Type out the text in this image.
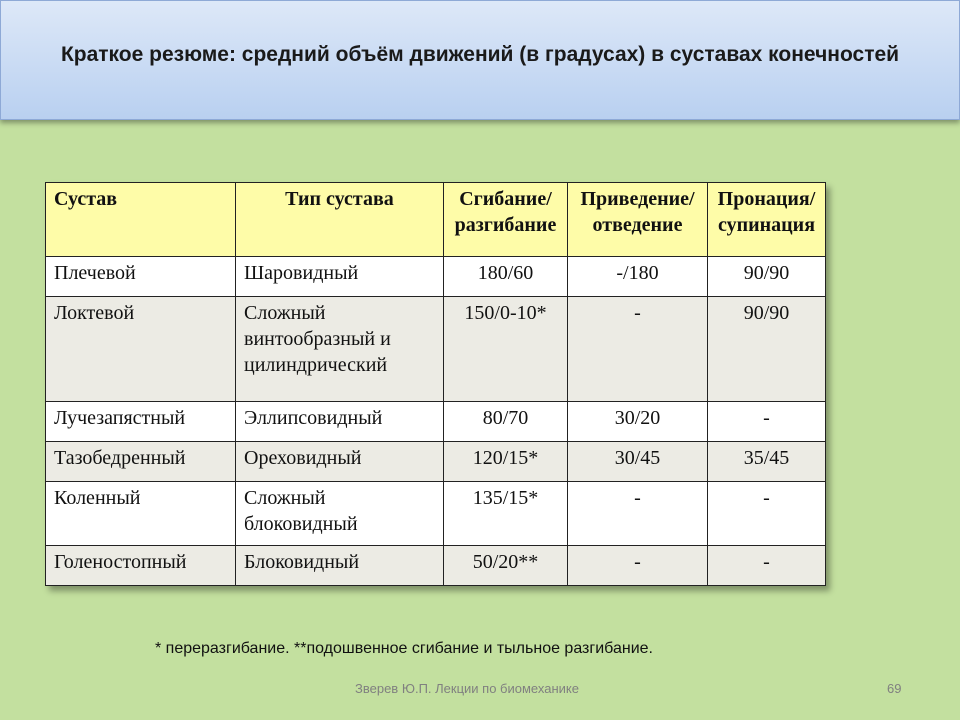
Краткое резюме: средний объём движений (в градусах) в суставах конечностей
Сустав	Тип сустава	Сгибание/ разгибание	Приведение/ отведение	Пронация/ супинация
Плечевой	Шаровидный	180/60	-/180	90/90
Локтевой	Сложный винтообразный и цилиндрический	150/0-10*	-	90/90
Лучезапястный	Эллипсовидный	80/70	30/20	-
Тазобедренный	Ореховидный	120/15*	30/45	35/45
Коленный	Сложный блоковидный	135/15*	-	-
Голеностопный	Блоковидный	50/20**	-	-
* переразгибание. **подошвенное сгибание и тыльное разгибание.
Зверев Ю.П. Лекции по биомеханике	69
